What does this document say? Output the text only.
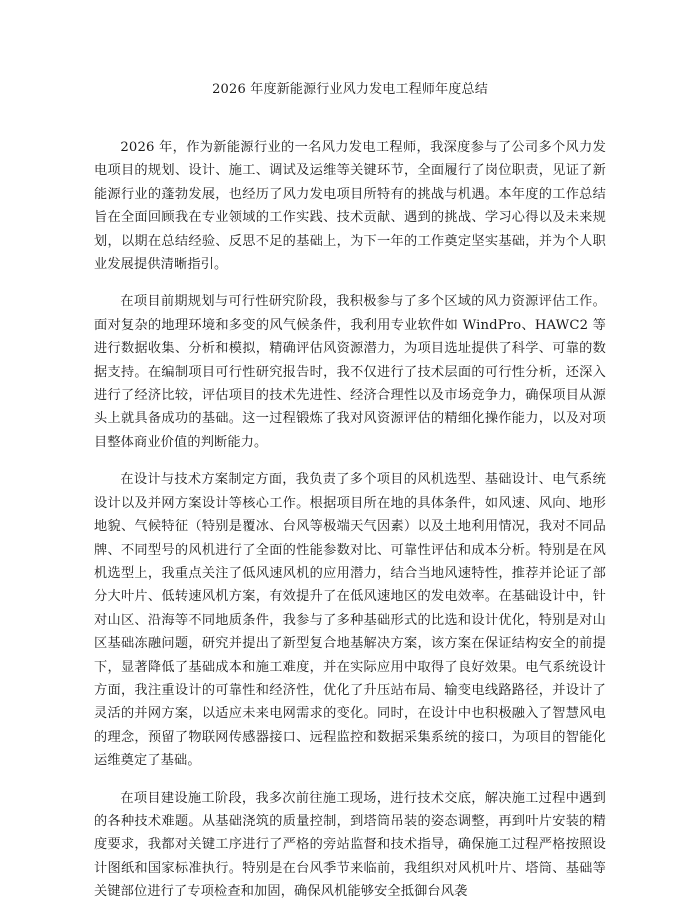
2026 年度新能源行业风力发电工程师年度总结

2026 年，作为新能源行业的一名风力发电工程师，我深度参与了公司多个风力发电项目的规划、设计、施工、调试及运维等关键环节，全面履行了岗位职责，见证了新能源行业的蓬勃发展，也经历了风力发电项目所特有的挑战与机遇。本年度的工作总结旨在全面回顾我在专业领域的工作实践、技术贡献、遇到的挑战、学习心得以及未来规划，以期在总结经验、反思不足的基础上，为下一年的工作奠定坚实基础，并为个人职业发展提供清晰指引。

在项目前期规划与可行性研究阶段，我积极参与了多个区域的风力资源评估工作。面对复杂的地理环境和多变的风气候条件，我利用专业软件如 WindPro、HAWC2 等进行数据收集、分析和模拟，精确评估风资源潜力，为项目选址提供了科学、可靠的数据支持。在编制项目可行性研究报告时，我不仅进行了技术层面的可行性分析，还深入进行了经济比较，评估项目的技术先进性、经济合理性以及市场竞争力，确保项目从源头上就具备成功的基础。这一过程锻炼了我对风资源评估的精细化操作能力，以及对项目整体商业价值的判断能力。

在设计与技术方案制定方面，我负责了多个项目的风机选型、基础设计、电气系统设计以及并网方案设计等核心工作。根据项目所在地的具体条件，如风速、风向、地形地貌、气候特征（特别是覆冰、台风等极端天气因素）以及土地利用情况，我对不同品牌、不同型号的风机进行了全面的性能参数对比、可靠性评估和成本分析。特别是在风机选型上，我重点关注了低风速风机的应用潜力，结合当地风速特性，推荐并论证了部分大叶片、低转速风机方案，有效提升了在低风速地区的发电效率。在基础设计中，针对山区、沿海等不同地质条件，我参与了多种基础形式的比选和设计优化，特别是对山区基础冻融问题，研究并提出了新型复合地基解决方案，该方案在保证结构安全的前提下，显著降低了基础成本和施工难度，并在实际应用中取得了良好效果。电气系统设计方面，我注重设计的可靠性和经济性，优化了升压站布局、输变电线路路径，并设计了灵活的并网方案，以适应未来电网需求的变化。同时，在设计中也积极融入了智慧风电的理念，预留了物联网传感器接口、远程监控和数据采集系统的接口，为项目的智能化运维奠定了基础。

在项目建设施工阶段，我多次前往施工现场，进行技术交底，解决施工过程中遇到的各种技术难题。从基础浇筑的质量控制，到塔筒吊装的姿态调整，再到叶片安装的精度要求，我都对关键工序进行了严格的旁站监督和技术指导，确保施工过程严格按照设计图纸和国家标准执行。特别是在台风季节来临前，我组织对风机叶片、塔筒、基础等关键部位进行了专项检查和加固，确保风机能够安全抵御台风袭
